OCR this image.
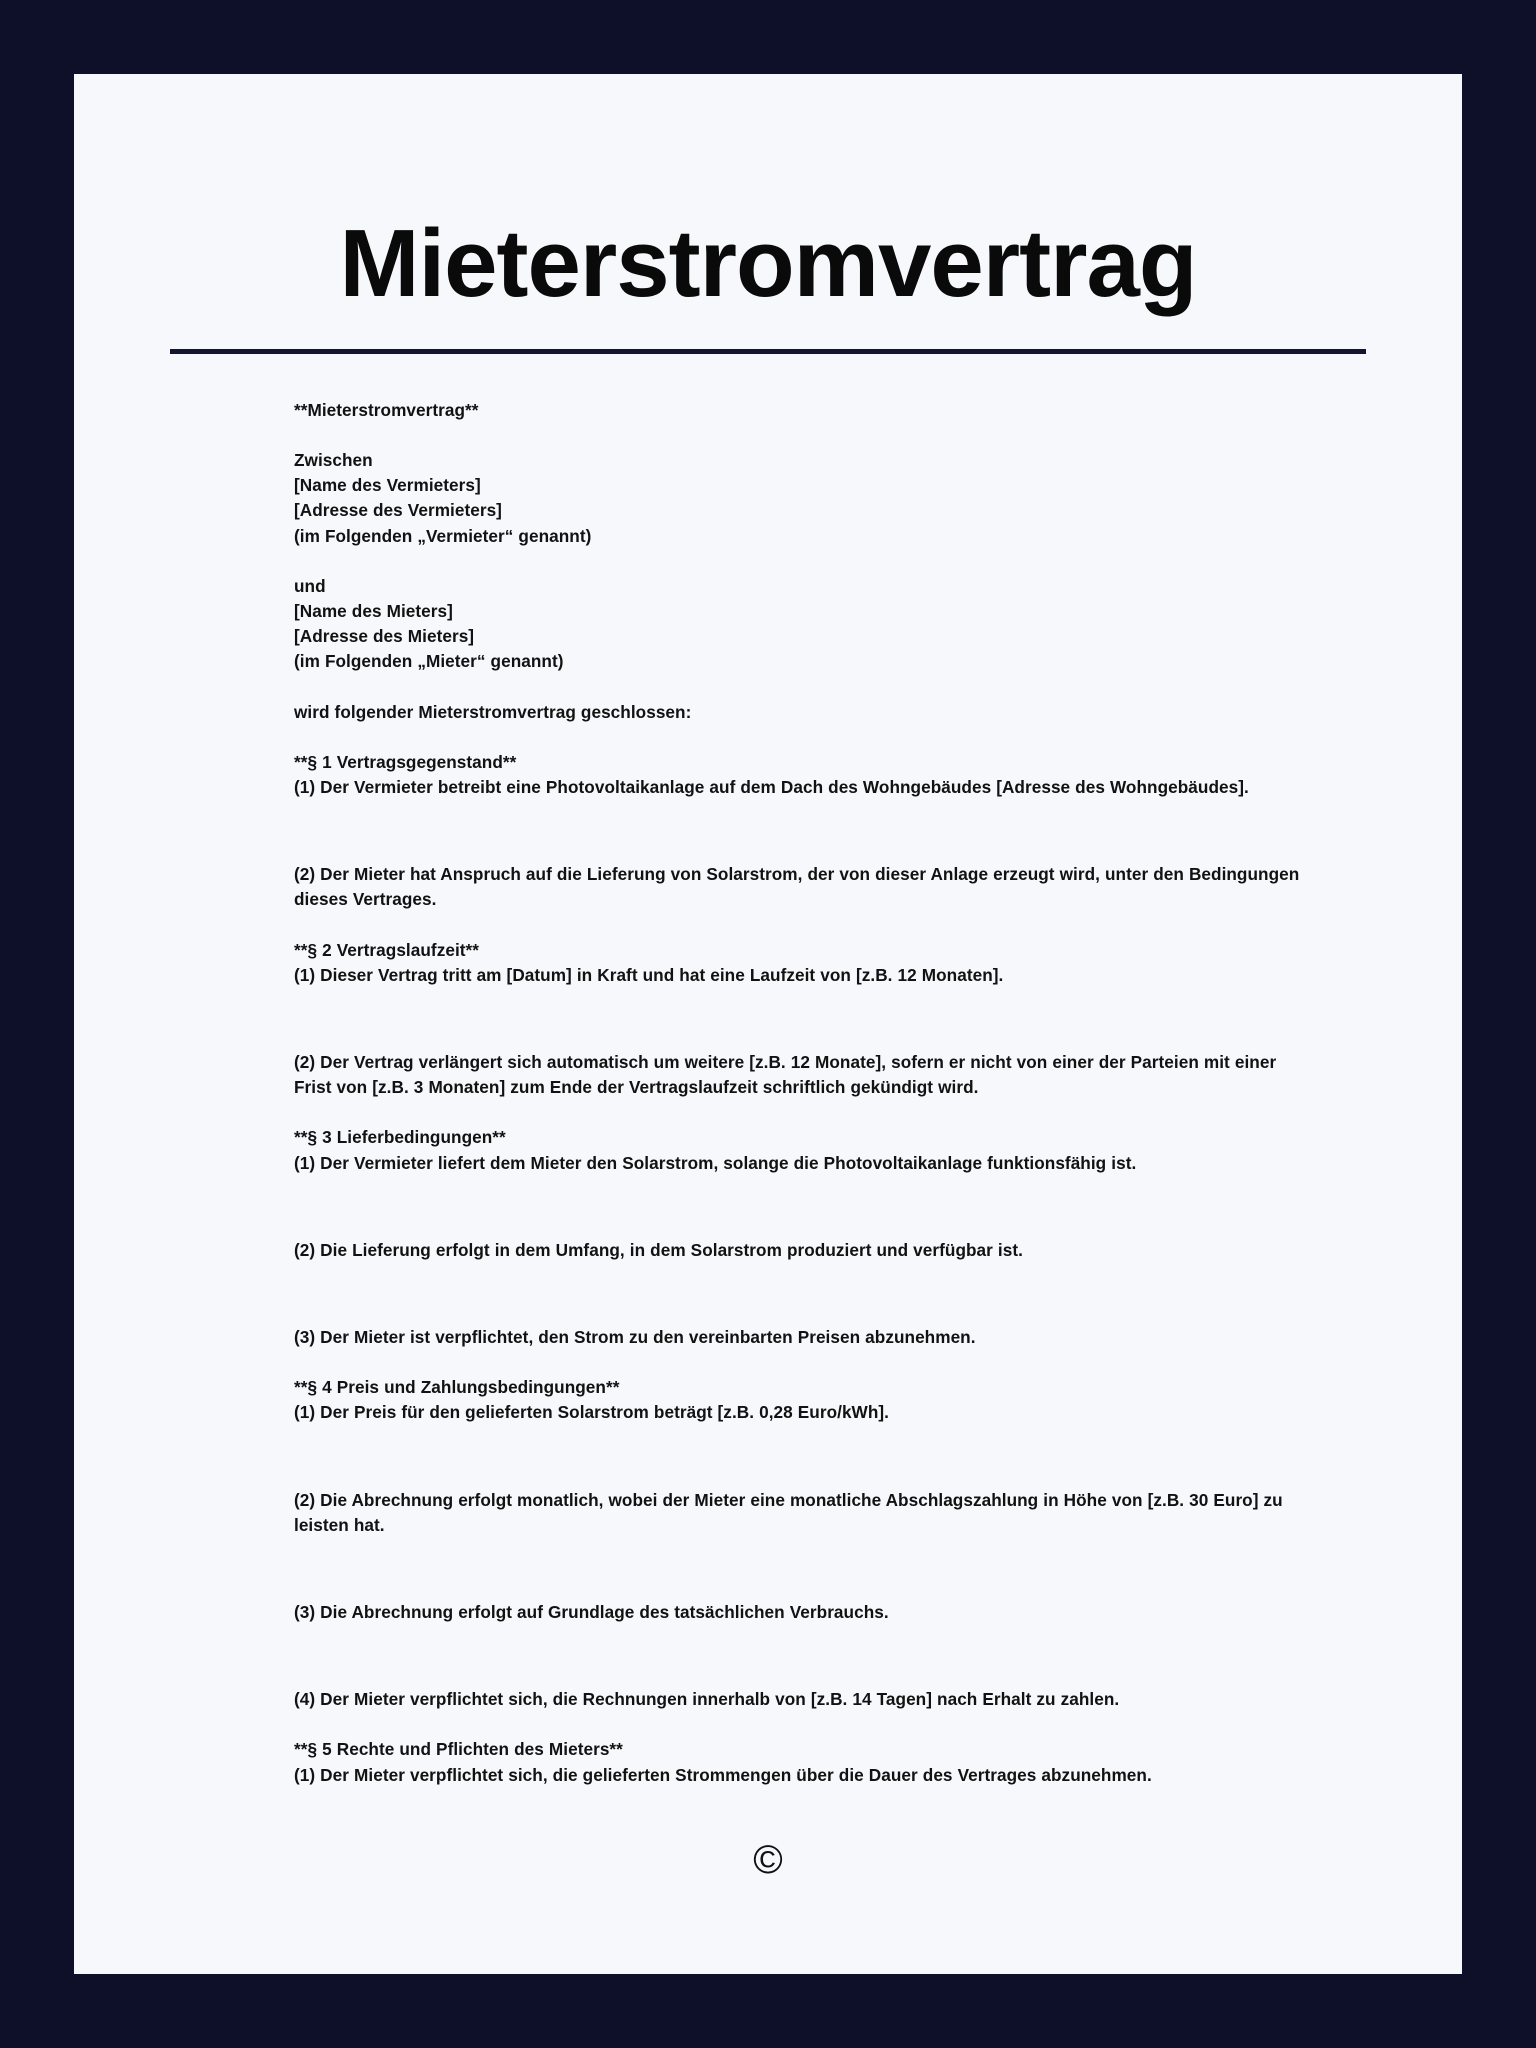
Mieterstromvertrag
**Mieterstromvertrag**
Zwischen
[Name des Vermieters]
[Adresse des Vermieters]
(im Folgenden „Vermieter“ genannt)
und
[Name des Mieters]
[Adresse des Mieters]
(im Folgenden „Mieter“ genannt)
wird folgender Mieterstromvertrag geschlossen:
**§ 1 Vertragsgegenstand**
(1) Der Vermieter betreibt eine Photovoltaikanlage auf dem Dach des Wohngebäudes [Adresse des Wohngebäudes].
(2) Der Mieter hat Anspruch auf die Lieferung von Solarstrom, der von dieser Anlage erzeugt wird, unter den Bedingungen dieses Vertrages.
**§ 2 Vertragslaufzeit**
(1) Dieser Vertrag tritt am [Datum] in Kraft und hat eine Laufzeit von [z.B. 12 Monaten].
(2) Der Vertrag verlängert sich automatisch um weitere [z.B. 12 Monate], sofern er nicht von einer der Parteien mit einer Frist von [z.B. 3 Monaten] zum Ende der Vertragslaufzeit schriftlich gekündigt wird.
**§ 3 Lieferbedingungen**
(1) Der Vermieter liefert dem Mieter den Solarstrom, solange die Photovoltaikanlage funktionsfähig ist.
(2) Die Lieferung erfolgt in dem Umfang, in dem Solarstrom produziert und verfügbar ist.
(3) Der Mieter ist verpflichtet, den Strom zu den vereinbarten Preisen abzunehmen.
**§ 4 Preis und Zahlungsbedingungen**
(1) Der Preis für den gelieferten Solarstrom beträgt [z.B. 0,28 Euro/kWh].
(2) Die Abrechnung erfolgt monatlich, wobei der Mieter eine monatliche Abschlagszahlung in Höhe von [z.B. 30 Euro] zu leisten hat.
(3) Die Abrechnung erfolgt auf Grundlage des tatsächlichen Verbrauchs.
(4) Der Mieter verpflichtet sich, die Rechnungen innerhalb von [z.B. 14 Tagen] nach Erhalt zu zahlen.
**§ 5 Rechte und Pflichten des Mieters**
(1) Der Mieter verpflichtet sich, die gelieferten Strommengen über die Dauer des Vertrages abzunehmen.
©
